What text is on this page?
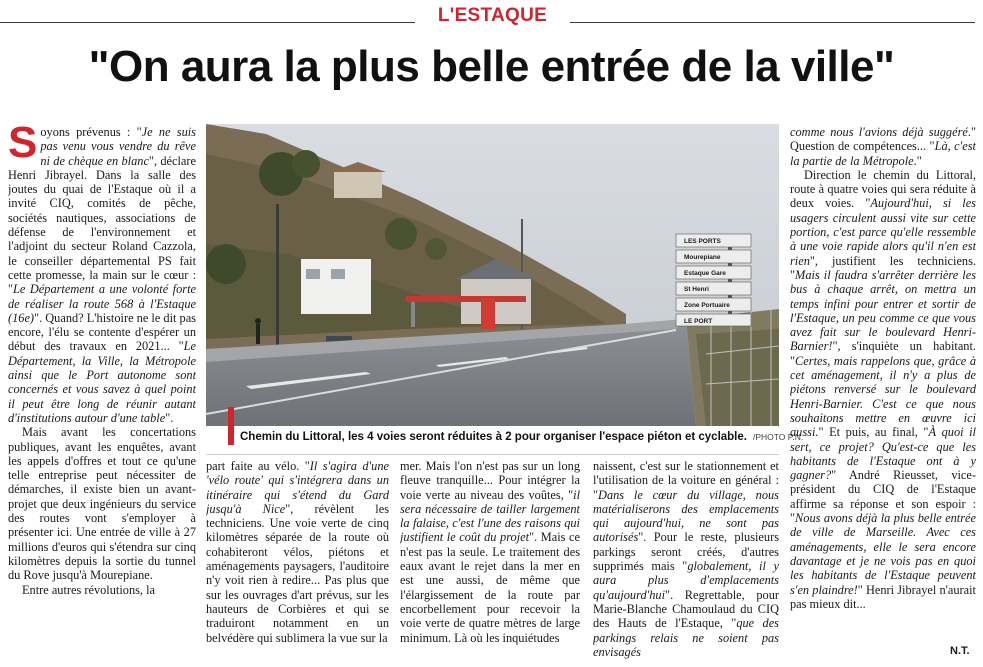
L'ESTAQUE
"On aura la plus belle entrée de la ville"

Soyons prévenus : "Je ne suis pas venu vous vendre du rêve ni de chèque en blanc", déclare Henri Jibrayel. Dans la salle des joutes du quai de l'Estaque où il a invité CIQ, comités de pêche, sociétés nautiques, associations de défense de l'environnement et l'adjoint du secteur Roland Cazzola, le conseiller départemental PS fait cette promesse, la main sur le cœur : "Le Département a une volonté forte de réaliser la route 568 à l'Estaque (16e)". Quand? L'histoire ne le dit pas encore, l'élu se contente d'espérer un début des travaux en 2021... "Le Département, la Ville, la Métropole ainsi que le Port autonome sont concernés et vous savez à quel point il peut être long de réunir autant d'institutions autour d'une table".

Mais avant les concertations publiques, avant les enquêtes, avant les appels d'offres et tout ce qu'une telle entreprise peut nécessiter de démarches, il existe bien un avant-projet que deux ingénieurs du service des routes vont s'employer à présenter ici. Une entrée de ville à 27 millions d'euros qui s'étendra sur cinq kilomètres depuis la sortie du tunnel du Rove jusqu'à Mourepiane.

Entre autres révolutions, la

LES PORTS
Mourepiane
Estaque Gare
St Henri
Zone Portuaire
LE PORT
Chemin du Littoral, les 4 voies seront réduites à 2 pour organiser l'espace piéton et cyclable. /PHOTO P.N.

part faite au vélo. "Il s'agira d'une 'vélo route' qui s'intégrera dans un itinéraire qui s'étend du Gard jusqu'à Nice", révèlent les techniciens. Une voie verte de cinq kilomètres séparée de la route où cohabiteront vélos, piétons et aménagements paysagers, l'auditoire n'y voit rien à redire... Pas plus que sur les ouvrages d'art prévus, sur les hauteurs de Corbières et qui se traduiront notamment en un belvédère qui sublimera la vue sur la

mer. Mais l'on n'est pas sur un long fleuve tranquille... Pour intégrer la voie verte au niveau des voûtes, "il sera nécessaire de tailler largement la falaise, c'est l'une des raisons qui justifient le coût du projet". Mais ce n'est pas la seule. Le traitement des eaux avant le rejet dans la mer en est une aussi, de même que l'élargissement de la route par encorbellement pour recevoir la voie verte de quatre mètres de large minimum. Là où les inquiétudes

naissent, c'est sur le stationnement et l'utilisation de la voiture en général : "Dans le cœur du village, nous matérialiserons des emplacements qui aujourd'hui, ne sont pas autorisés". Pour le reste, plusieurs parkings seront créés, d'autres supprimés mais "globalement, il y aura plus d'emplacements qu'aujourd'hui". Regrettable, pour Marie-Blanche Chamoulaud du CIQ des Hauts de l'Estaque, "que des parkings relais ne soient pas envisagés

comme nous l'avions déjà suggéré." Question de compétences... "Là, c'est la partie de la Métropole."

Direction le chemin du Littoral, route à quatre voies qui sera réduite à deux voies. "Aujourd'hui, si les usagers circulent aussi vite sur cette portion, c'est parce qu'elle ressemble à une voie rapide alors qu'il n'en est rien", justifient les techniciens. "Mais il faudra s'arrêter derrière les bus à chaque arrêt, on mettra un temps infini pour entrer et sortir de l'Estaque, un peu comme ce que vous avez fait sur le boulevard Henri-Barnier!", s'inquiète un habitant. "Certes, mais rappelons que, grâce à cet aménagement, il n'y a plus de piétons renversé sur le boulevard Henri-Barnier. C'est ce que nous souhaitons mettre en œuvre ici aussi." Et puis, au final, "À quoi il sert, ce projet? Qu'est-ce que les habitants de l'Estaque ont à y gagner?" André Rieusset, vice-président du CIQ de l'Estaque affirme sa réponse et son espoir : "Nous avons déjà la plus belle entrée de ville de Marseille. Avec ces aménagements, elle le sera encore davantage et je ne vois pas en quoi les habitants de l'Estaque peuvent s'en plaindre!" Henri Jibrayel n'aurait pas mieux dit...

N.T.
